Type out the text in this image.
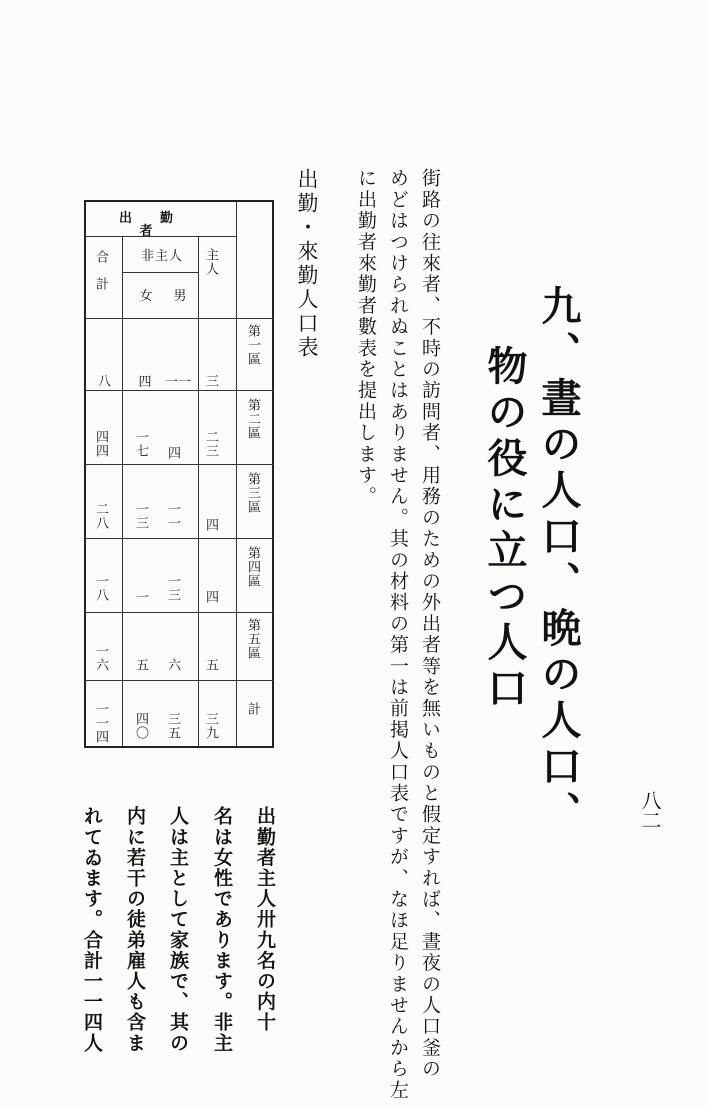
八二
九、晝の人口、晩の人口、
物の役に立つ人口
街路の往來者、不時の訪問者、用務のための外出者等を無いものと假定すれば、晝夜の人口釜の
めどはつけられぬことはありません。其の材料の第一は前掲人口表ですが、なほ足りませんから左
に出勤者來勤者數表を提出します。
出勤・來勤人口表
出勤者
主人
非主人
男
女
合計
第一區
第二區
第三區
第四區
第五區
計
三
一一
四
八
二三
四
一七
四四
四
一一
一三
二八
四
一三
一
一八
五
六
五
一六
三九
三五
四〇
一一四
出勤者主人卅九名の内十
名は女性であります。非主
人は主として家族で、其の
内に若干の徒弟雇人も含ま
れてゐます。合計一一四人
